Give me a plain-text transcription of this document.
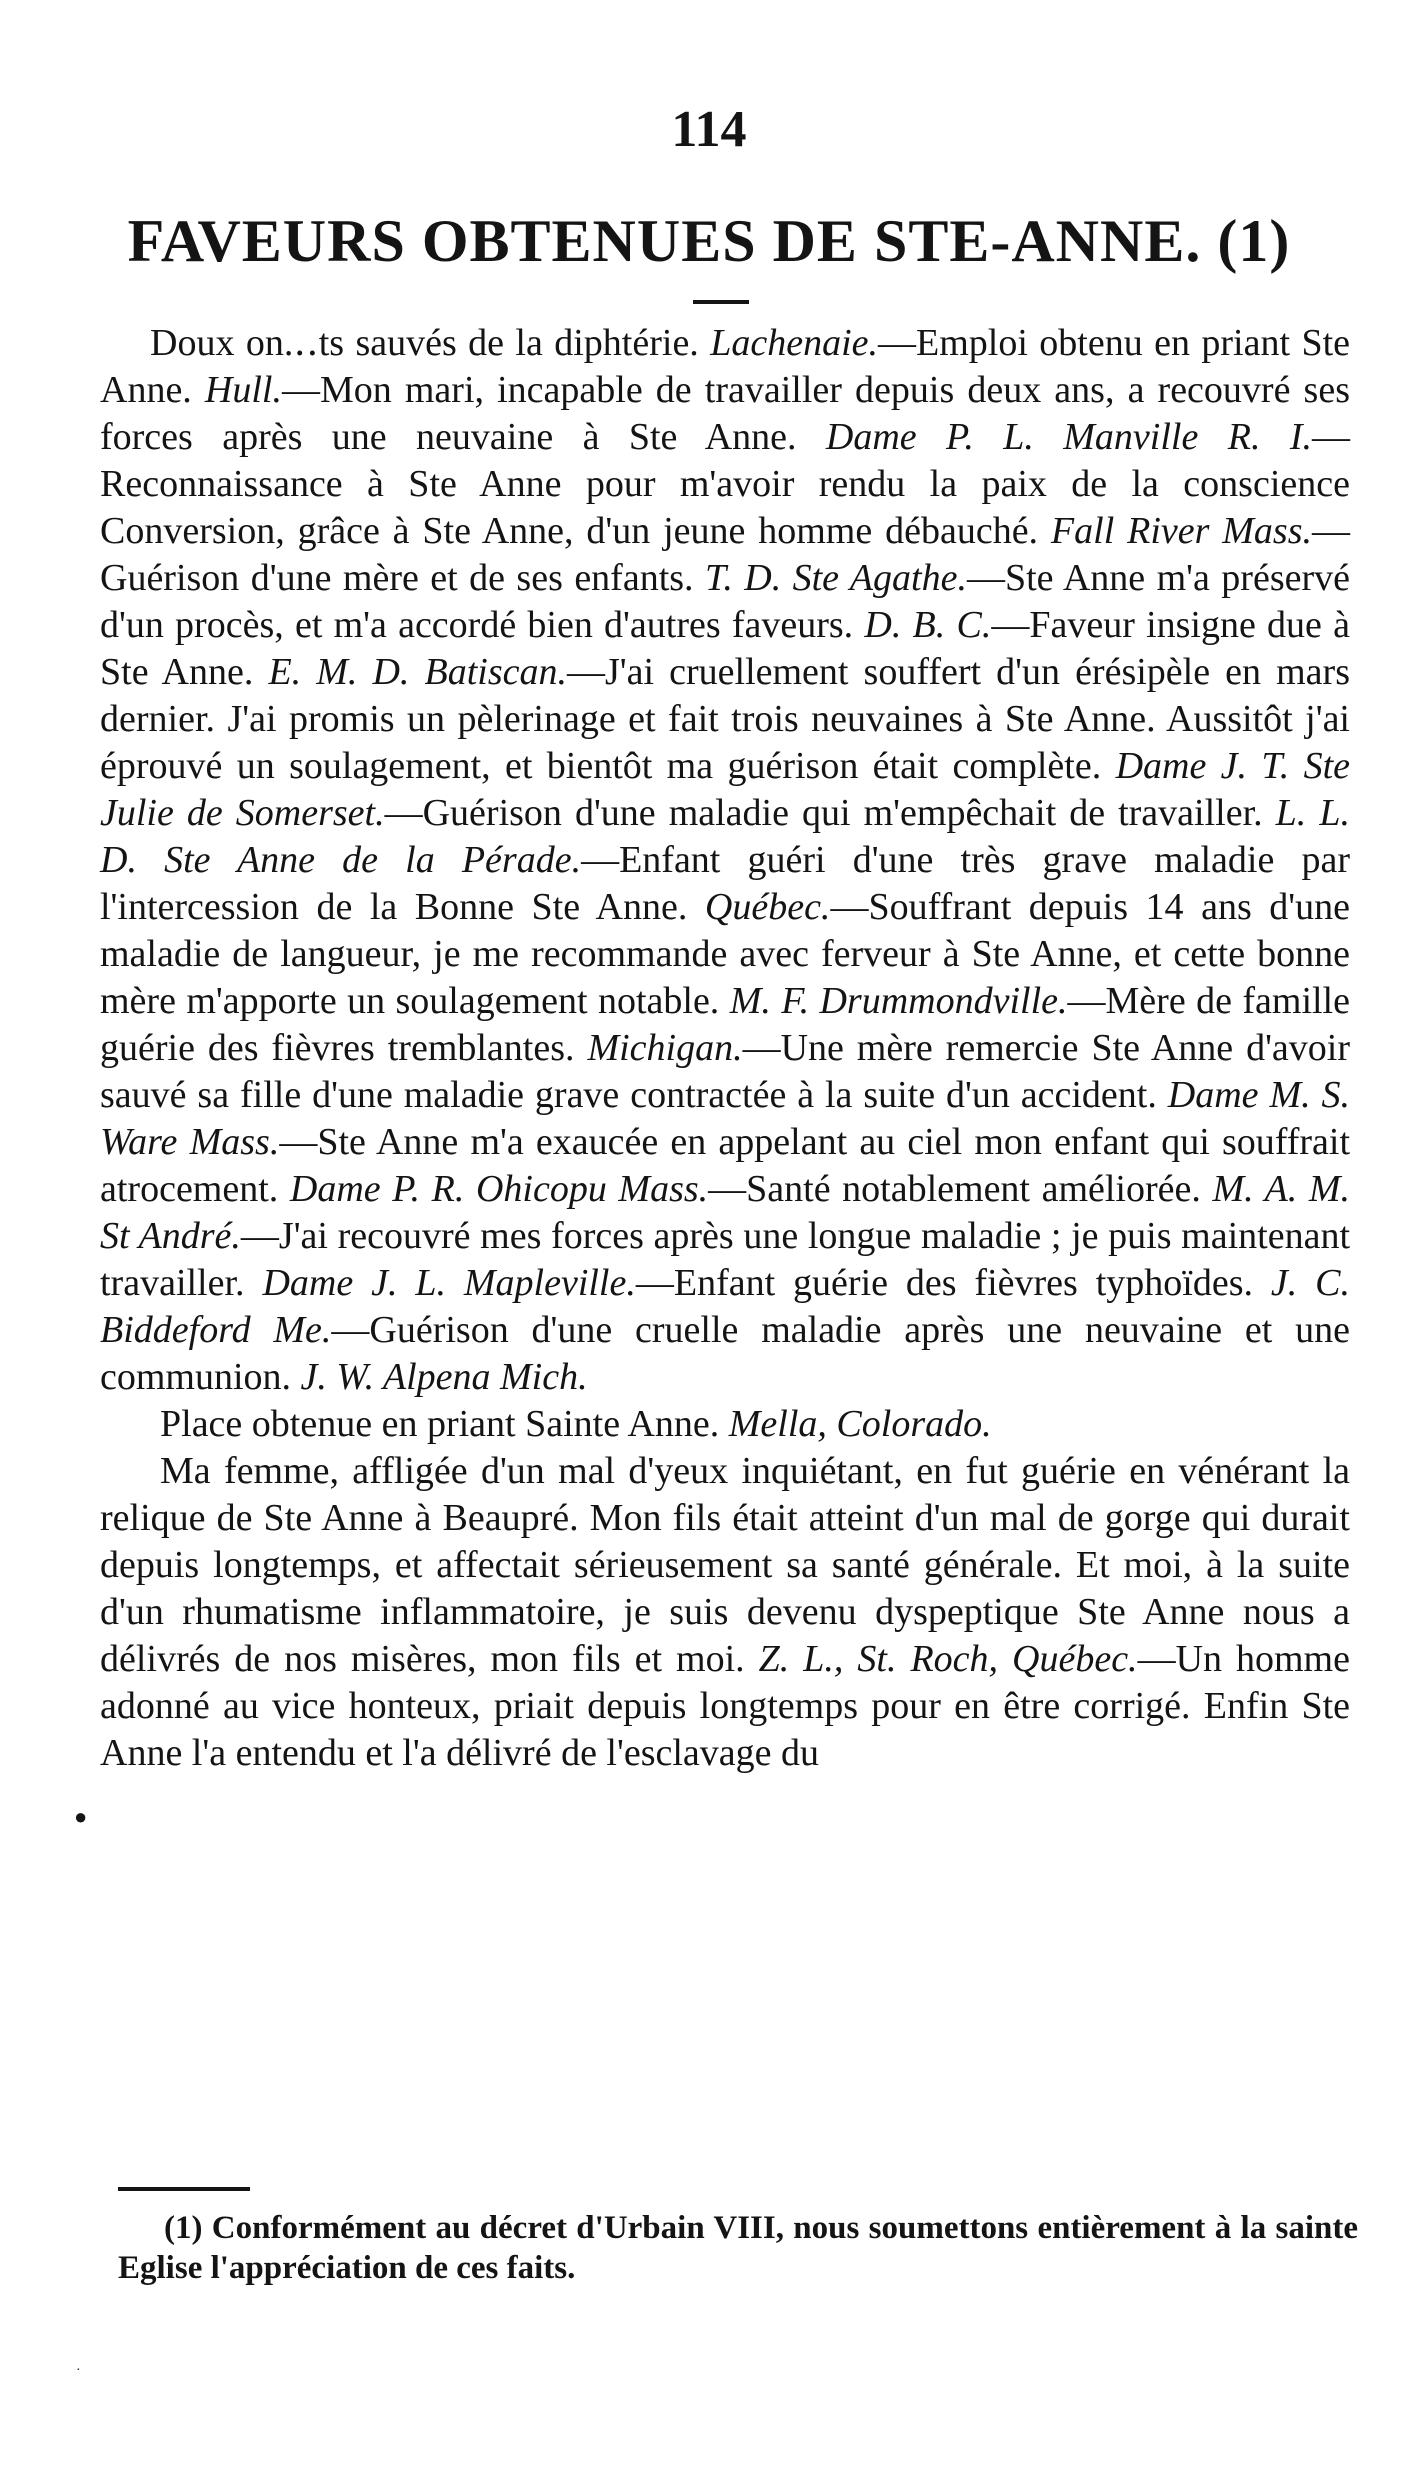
114
FAVEURS OBTENUES DE STE-ANNE. (1)

Doux on.‥ts sauvés de la diphtérie. Lachenaie.—Emploi obtenu en priant Ste Anne. Hull.—Mon mari, incapable de travailler depuis deux ans, a recouvré ses forces après une neuvaine à Ste Anne. Dame P. L. Manville R. I.—Reconnaissance à Ste Anne pour m'avoir rendu la paix de la conscience Conversion, grâce à Ste Anne, d'un jeune homme débauché. Fall River Mass.—Guérison d'une mère et de ses enfants. T. D. Ste Agathe.—Ste Anne m'a préservé d'un procès, et m'a accordé bien d'autres faveurs. D. B. C.—Faveur insigne due à Ste Anne. E. M. D. Batiscan.—J'ai cruellement souffert d'un érésipèle en mars dernier. J'ai promis un pèlerinage et fait trois neuvaines à Ste Anne. Aussitôt j'ai éprouvé un soulagement, et bientôt ma guérison était complète. Dame J. T. Ste Julie de Somerset.—Guérison d'une maladie qui m'empêchait de travailler. L. L. D. Ste Anne de la Pérade.—Enfant guéri d'une très grave maladie par l'intercession de la Bonne Ste Anne. Québec.—Souffrant depuis 14 ans d'une maladie de langueur, je me recommande avec ferveur à Ste Anne, et cette bonne mère m'apporte un soulagement notable. M. F. Drummondville.—Mère de famille guérie des fièvres tremblantes. Michigan.—Une mère remercie Ste Anne d'avoir sauvé sa fille d'une maladie grave contractée à la suite d'un accident. Dame M. S. Ware Mass.—Ste Anne m'a exaucée en appelant au ciel mon enfant qui souffrait atrocement. Dame P. R. Ohicopu Mass.—Santé notablement améliorée. M. A. M. St André.—J'ai recouvré mes forces après une longue maladie ; je puis maintenant travailler. Dame J. L. Mapleville.—Enfant guérie des fièvres typhoïdes. J. C. Biddeford Me.—Guérison d'une cruelle maladie après une neuvaine et une communion. J. W. Alpena Mich.

Place obtenue en priant Sainte Anne. Mella, Colorado.

Ma femme, affligée d'un mal d'yeux inquiétant, en fut guérie en vénérant la relique de Ste Anne à Beaupré. Mon fils était atteint d'un mal de gorge qui durait depuis longtemps, et affectait sérieusement sa santé générale. Et moi, à la suite d'un rhumatisme inflammatoire, je suis devenu dyspeptique Ste Anne nous a délivrés de nos misères, mon fils et moi. Z. L., St. Roch, Québec.—Un homme adonné au vice honteux, priait depuis longtemps pour en être corrigé. Enfin Ste Anne l'a entendu et l'a délivré de l'esclavage du

(1) Conformément au décret d'Urbain VIII, nous soumettons entièrement à la sainte Eglise l'appréciation de ces faits.
●
·
